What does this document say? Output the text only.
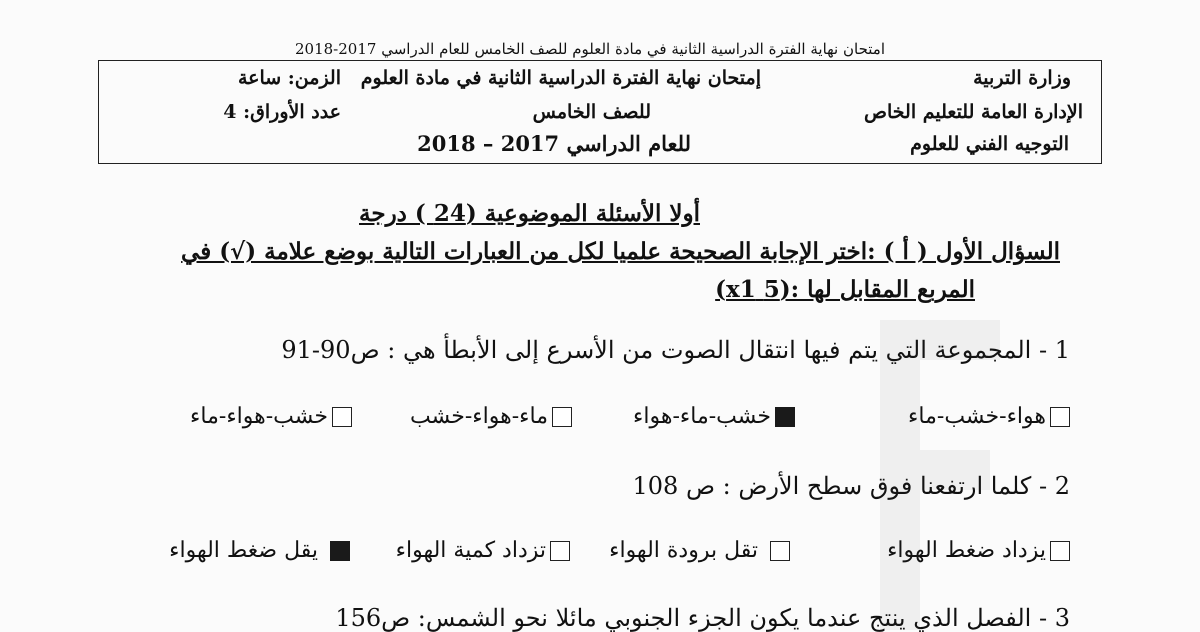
امتحان نهاية الفترة الدراسية الثانية في مادة العلوم للصف الخامس للعام الدراسي 2017-2018
وزارة التربية
الإدارة العامة للتعليم الخاص
التوجيه الفني للعلوم
إمتحان نهاية الفترة الدراسية الثانية في مادة العلوم
للصف الخامس
للعام الدراسي 2017 – 2018
الزمن: ساعة
عدد الأوراق: 4
أولا الأسئلة الموضوعية (24 ) درجة
السؤال الأول ( أ ) :اختر الإجابة الصحيحة علميا لكل من العبارات التالية بوضع علامة (√) في
المربع المقابل لها :(5 x1)
1 - المجموعة التي يتم فيها انتقال الصوت من الأسرع إلى الأبطأ هي : ص90-91
هواء-خشب-ماء
خشب-ماء-هواء
ماء-هواء-خشب
خشب-هواء-ماء
2 - كلما ارتفعنا فوق سطح الأرض : ص 108
يزداد ضغط الهواء
تقل برودة الهواء
تزداد كمية الهواء
يقل ضغط الهواء
3 - الفصل الذي ينتج عندما يكون الجزء الجنوبي مائلا نحو الشمس: ص156
